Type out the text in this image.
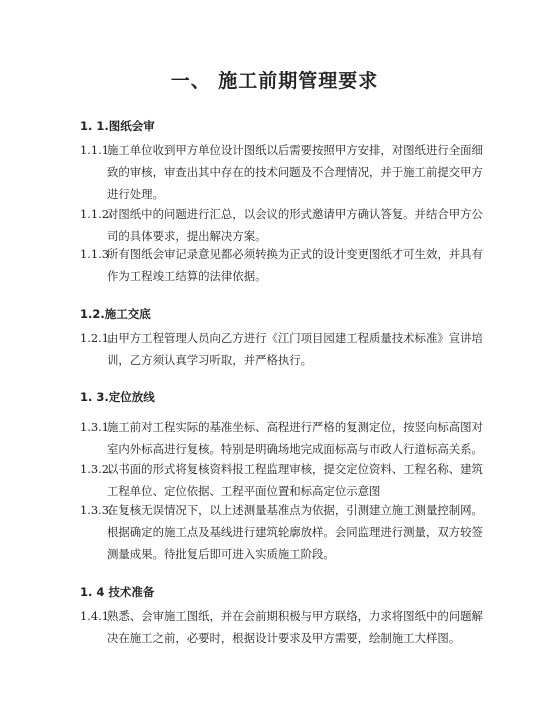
一、 施工前期管理要求
1. 1.图纸会审
1.1.1.
施工单位收到甲方单位设计图纸以后需要按照甲方安排，对图纸进行全面细
致的审核，审查出其中存在的技术问题及不合理情况，并于施工前提交甲方
进行处理。
1.1.2.
对图纸中的问题进行汇总，以会议的形式邀请甲方确认答复。并结合甲方公
司的具体要求，提出解决方案。
1.1.3.
所有图纸会审记录意见都必须转换为正式的设计变更图纸才可生效，并具有
作为工程竣工结算的法律依据。
1.2.施工交底
1.2.1.
由甲方工程管理人员向乙方进行《江门项目园建工程质量技术标准》宣讲培
训，乙方须认真学习听取，并严格执行。
1. 3.定位放线
1.3.1.
施工前对工程实际的基准坐标、高程进行严格的复测定位，按竖向标高图对
室内外标高进行复核。特别是明确场地完成面标高与市政人行道标高关系。
1.3.2.
以书面的形式将复核资料报工程监理审核，提交定位资料、工程名称、建筑
工程单位、定位依据、工程平面位置和标高定位示意图
1.3.3.
在复核无误情况下，以上述测量基准点为依据，引测建立施工测量控制网。
根据确定的施工点及基线进行建筑轮廓放样。会同监理进行测量，双方较签
测量成果。待批复后即可进入实质施工阶段。
1. 4 技术准备
1.4.1
熟悉、会审施工图纸，并在会前期积极与甲方联络，力求将图纸中的问题解
决在施工之前，必要时，根据设计要求及甲方需要，绘制施工大样图。
